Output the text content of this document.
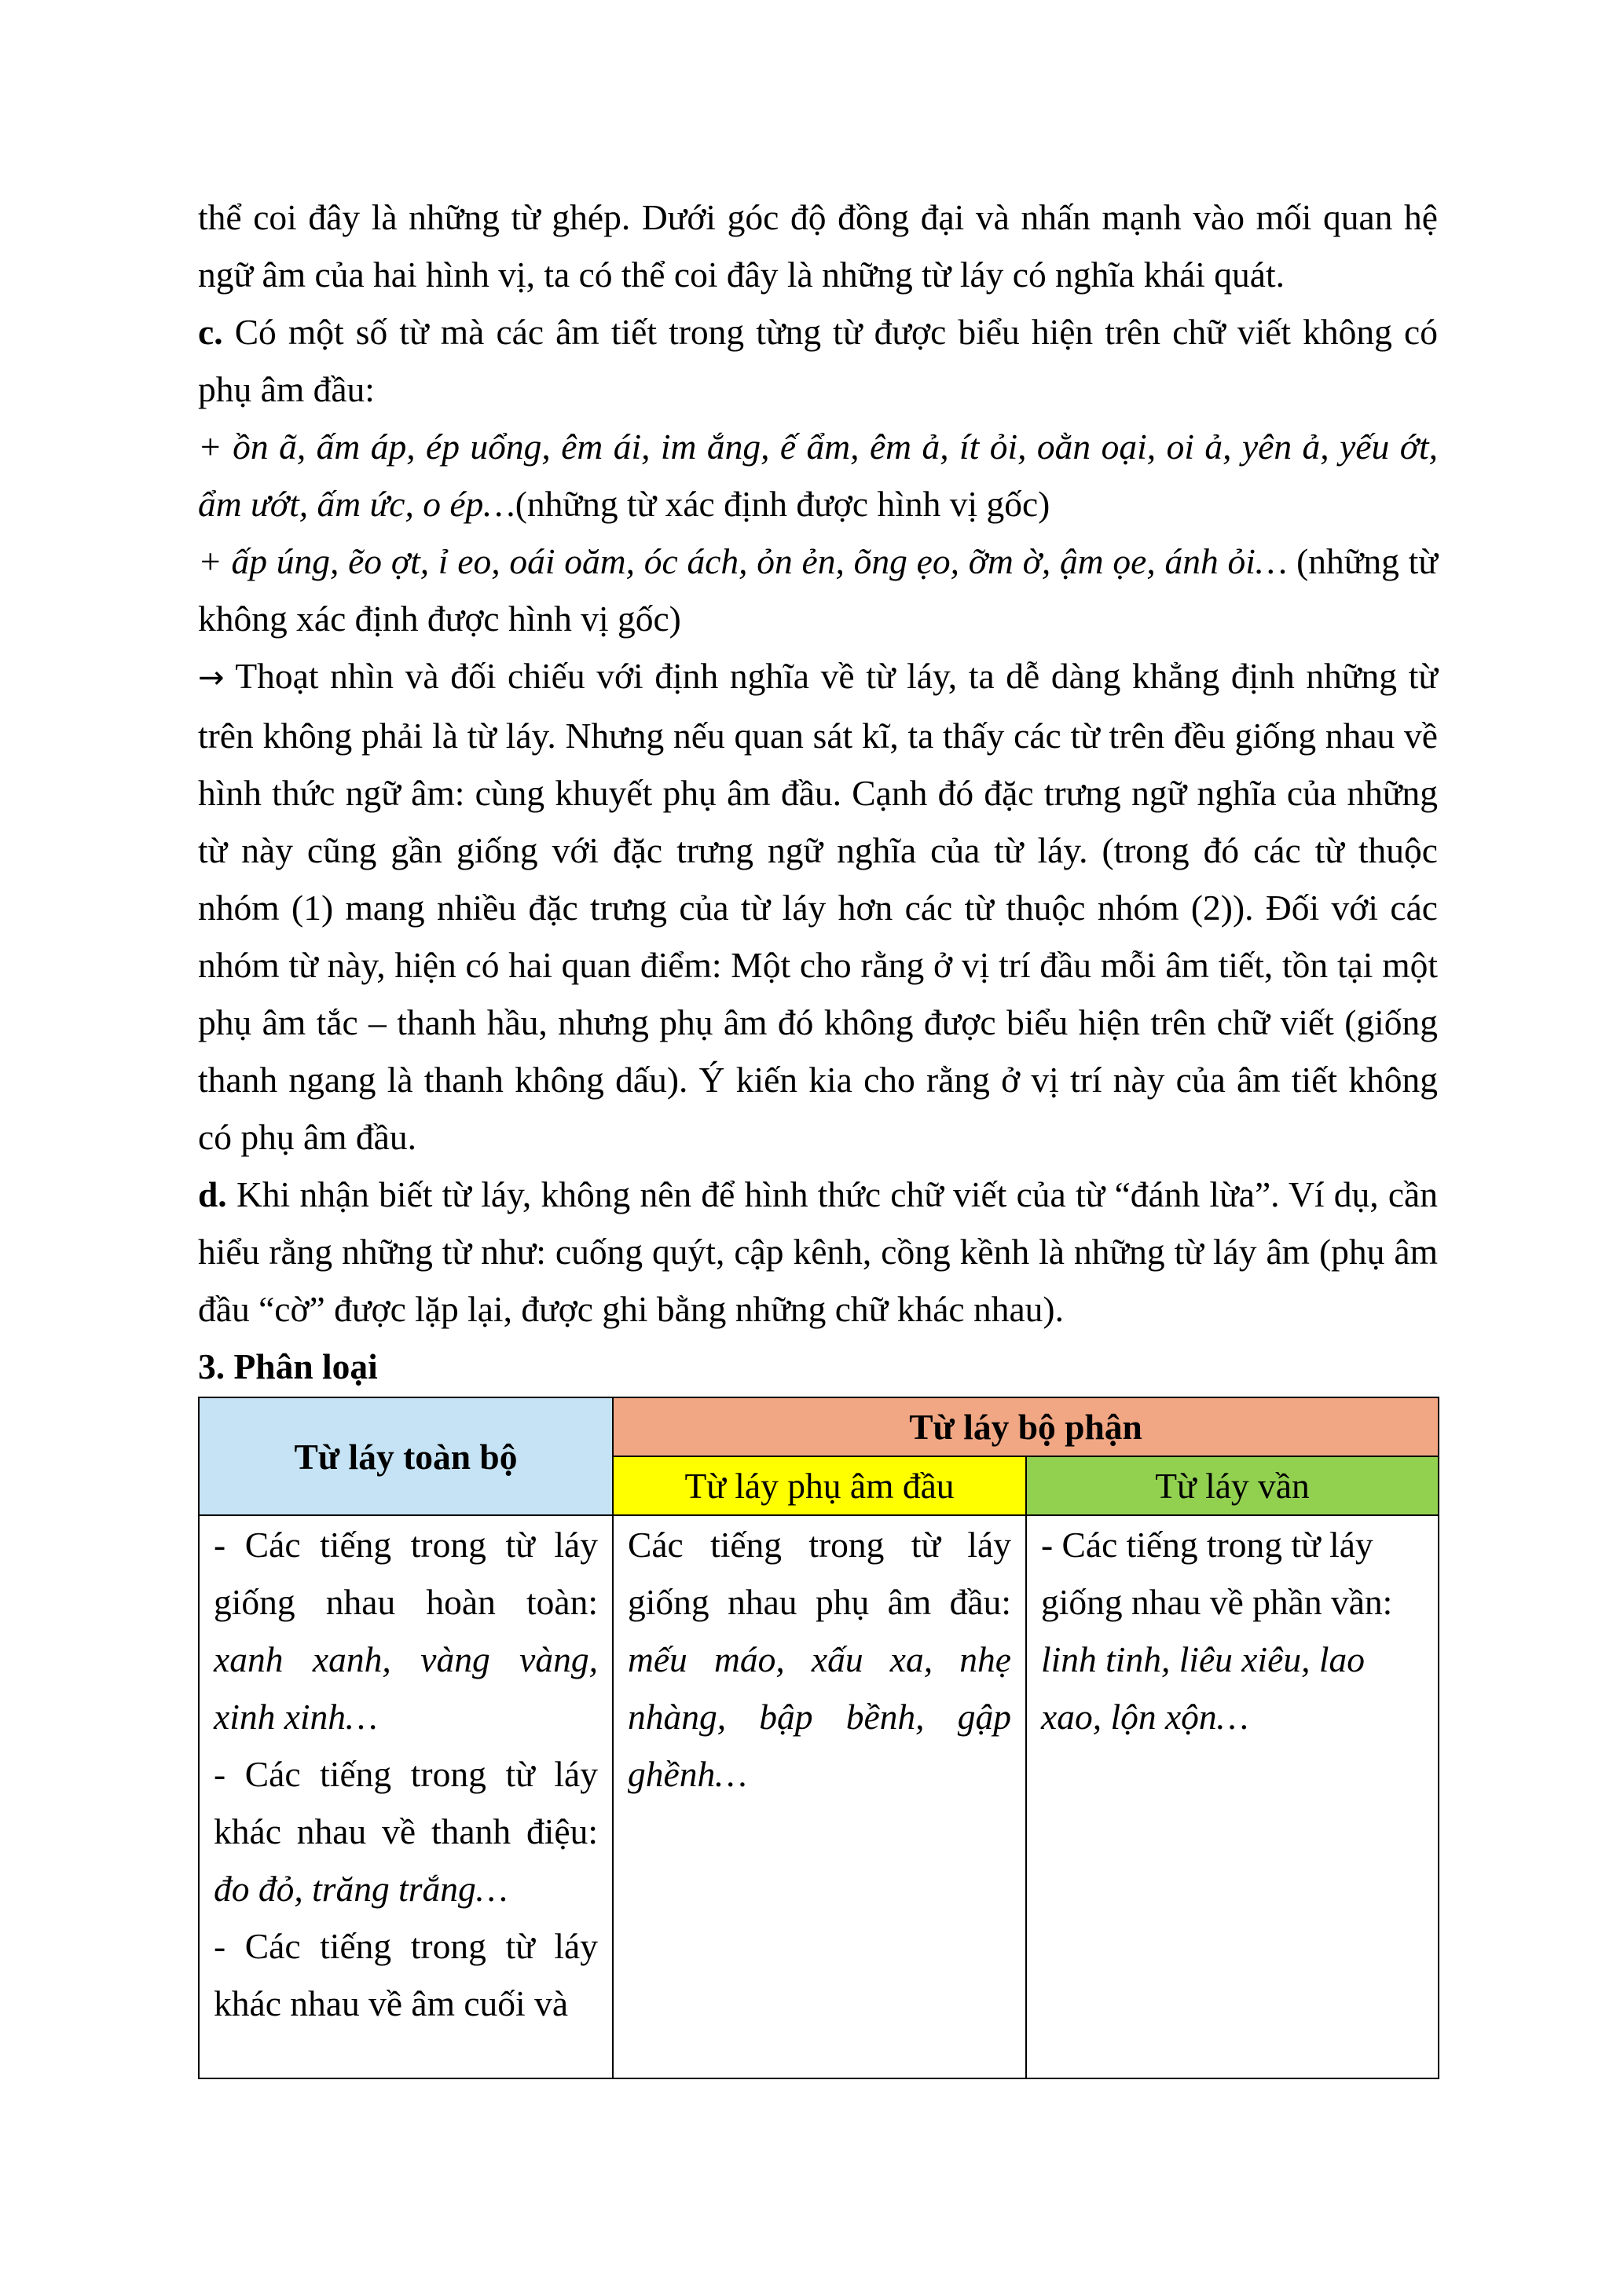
thể coi đây là những từ ghép. Dưới góc độ đồng đại và nhấn mạnh vào mối quan hệ ngữ âm của hai hình vị, ta có thể coi đây là những từ láy có nghĩa khái quát.

c. Có một số từ mà các âm tiết trong từng từ được biểu hiện trên chữ viết không có phụ âm đầu:

+ ồn ã, ấm áp, ép uổng, êm ái, im ắng, ế ẩm, êm ả, ít ỏi, oằn oại, oi ả, yên ả, yếu ớt, ẩm ướt, ấm ức, o ép…(những từ xác định được hình vị gốc)

+ ấp úng, ẽo ợt, ỉ eo, oái oăm, óc ách, ỏn ẻn, õng ẹo, ỡm ờ, ậm ọe, ánh ỏi… (những từ không xác định được hình vị gốc)

→ Thoạt nhìn và đối chiếu với định nghĩa về từ láy, ta dễ dàng khẳng định những từ trên không phải là từ láy. Nhưng nếu quan sát kĩ, ta thấy các từ trên đều giống nhau về hình thức ngữ âm: cùng khuyết phụ âm đầu. Cạnh đó đặc trưng ngữ nghĩa của những từ này cũng gần giống với đặc trưng ngữ nghĩa của từ láy. (trong đó các từ thuộc nhóm (1) mang nhiều đặc trưng của từ láy hơn các từ thuộc nhóm (2)). Đối với các nhóm từ này, hiện có hai quan điểm: Một cho rằng ở vị trí đầu mỗi âm tiết, tồn tại một phụ âm tắc – thanh hầu, nhưng phụ âm đó không được biểu hiện trên chữ viết (giống thanh ngang là thanh không dấu). Ý kiến kia cho rằng ở vị trí này của âm tiết không có phụ âm đầu.

d. Khi nhận biết từ láy, không nên để hình thức chữ viết của từ “đánh lừa”. Ví dụ, cần hiểu rằng những từ như: cuống quýt, cập kênh, cồng kềnh là những từ láy âm (phụ âm đầu “cờ” được lặp lại, được ghi bằng những chữ khác nhau).

3. Phân loại
Từ láy toàn bộ	Từ láy bộ phận	
	Từ láy phụ âm đầu	Từ láy vần

- Các tiếng trong từ láy giống nhau hoàn toàn: xanh xanh, vàng vàng, xinh xinh…
- Các tiếng trong từ láy khác nhau về thanh điệu: đo đỏ, trăng trắng…
- Các tiếng trong từ láy khác nhau về âm cuối và	Các tiếng trong từ láy giống nhau phụ âm đầu: mếu máo, xấu xa, nhẹ nhàng, bập bềnh, gập ghềnh…	- Các tiếng trong từ láy giống nhau về phần vần: linh tinh, liêu xiêu, lao xao, lộn xộn…
